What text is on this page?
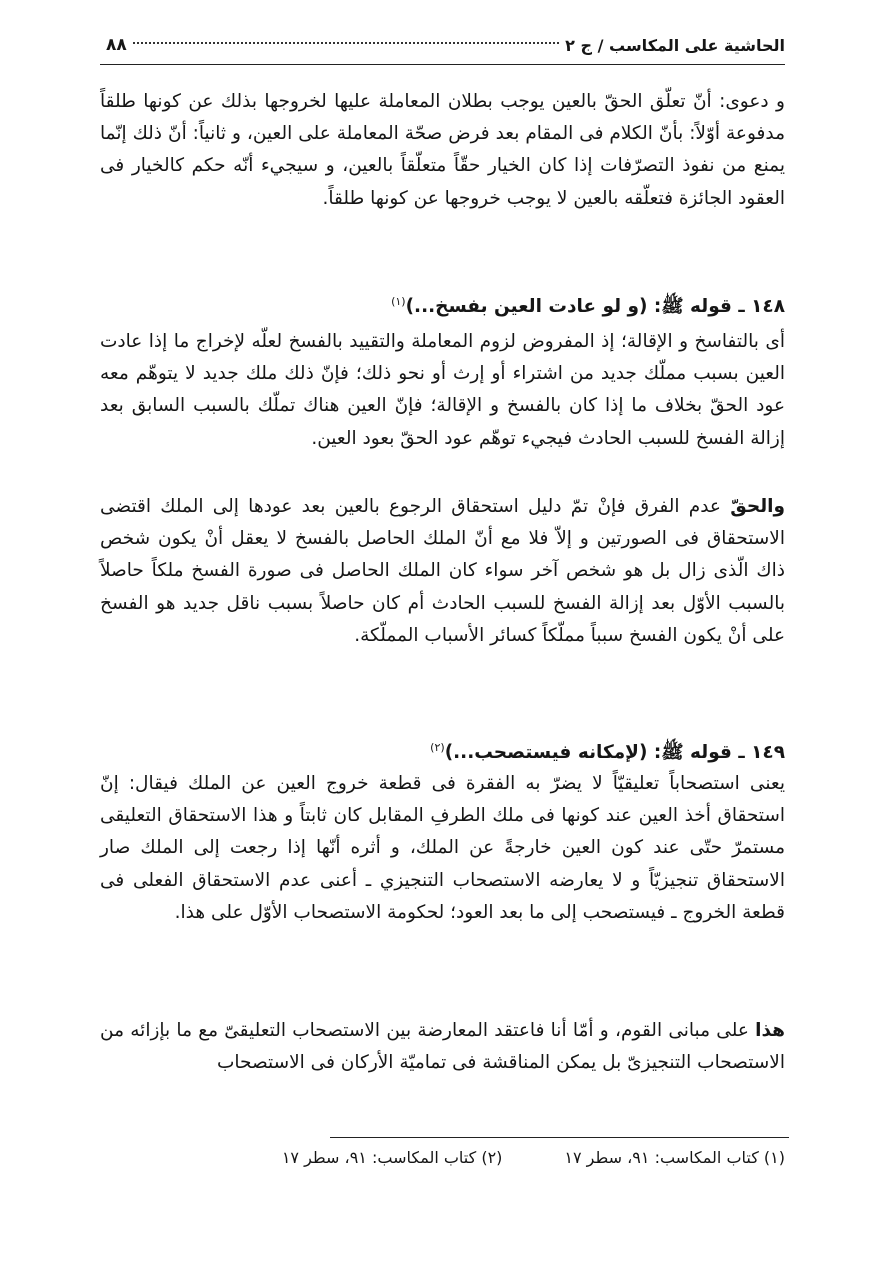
الحاشية على المكاسب / ج ٢
٨٨
و دعوى: أنّ تعلّق الحقّ بالعين يوجب بطلان المعاملة عليها لخروجها بذلك عن كونها طلقاً مدفوعة أوّلاً: بأنّ الكلام فى المقام بعد فرض صحّة المعاملة على العين، و ثانياً: أنّ ذلك إنّما يمنع من نفوذ التصرّفات إذا كان الخيار حقّاً متعلّقاً بالعين، و سيجيء أنّه حكم كالخيار فى العقود الجائزة فتعلّقه بالعين لا يوجب خروجها عن كونها طلقاً.
١٤٨ ـ قوله ﷺ: (و لو عادت العين بفسخ...)$^{(١)}$
أى بالتفاسخ و الإقالة؛ إذ المفروض لزوم المعاملة والتقييد بالفسخ لعلّه لإخراج ما إذا عادت العين بسبب مملّك جديد من اشتراء أو إرث أو نحو ذلك؛ فإنّ ذلك ملك جديد لا يتوهّم معه عود الحقّ بخلاف ما إذا كان بالفسخ و الإقالة؛ فإنّ العين هناك تملّك بالسبب السابق بعد إزالة الفسخ للسبب الحادث فيجيء توهّم عود الحقّ بعود العين.
والحقّ عدم الفرق فإنْ تمّ دليل استحقاق الرجوع بالعين بعد عودها إلى الملك اقتضى الاستحقاق فى الصورتين و إلاّ فلا مع أنّ الملك الحاصل بالفسخ لا يعقل أنْ يكون شخص ذاك الّذى زال بل هو شخص آخر سواء كان الملك الحاصل فى صورة الفسخ ملكاً حاصلاً بالسبب الأوّل بعد إزالة الفسخ للسبب الحادث أم كان حاصلاً بسبب ناقل جديد هو الفسخ على أنْ يكون الفسخ سبباً مملّكاً كسائر الأسباب المملّكة.
١٤٩ ـ قوله ﷺ: (لإمكانه فيستصحب...)$^{(٢)}$
يعنى استصحاباً تعليقيّاً لا يضرّ به الفقرة فى قطعة خروج العين عن الملك فيقال: إنّ استحقاق أخذ العين عند كونها فى ملك الطرفِ المقابل كان ثابتاً و هذا الاستحقاق التعليقى مستمرّ حتّى عند كون العين خارجةً عن الملك، و أثره أنّها إذا رجعت إلى الملك صار الاستحقاق تنجيزيّاً و لا يعارضه الاستصحاب التنجيزي ـ أعنى عدم الاستحقاق الفعلى فى قطعة الخروج ـ فيستصحب إلى ما بعد العود؛ لحكومة الاستصحاب الأوّل على هذا.
هذا على مبانى القوم، و أمّا أنا فاعتقد المعارضة بين الاستصحاب التعليقىّ مع ما بإزائه من الاستصحاب التنجيزىّ بل يمكن المناقشة فى تماميّة الأركان فى الاستصحاب
(١) كتاب المكاسب: ٩١، سطر ١٧
(٢) كتاب المكاسب: ٩١، سطر ١٧
